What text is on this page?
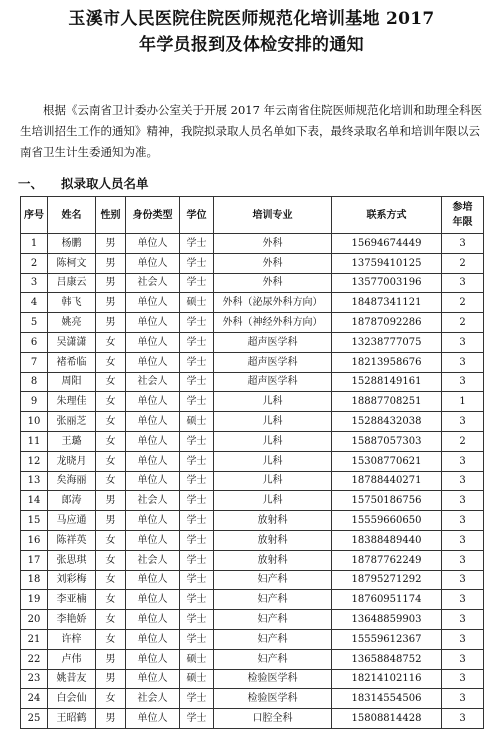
玉溪市人民医院住院医师规范化培训基地 2017
年学员报到及体检安排的通知
根据《云南省卫计委办公室关于开展 2017 年云南省住院医师规范化培训和助理全科医生培训招生工作的通知》精神，我院拟录取人员名单如下表，最终录取名单和培训年限以云南省卫生计生委通知为准。
一、 拟录取人员名单
序号	姓名	性别	身份类型	学位	培训专业	联系方式	参培年限
1	杨鹏	男	单位人	学士	外科	15694674449	3
2	陈柯文	男	单位人	学士	外科	13759410125	2
3	吕康云	男	社会人	学士	外科	13577003196	3
4	韩飞	男	单位人	硕士	外科（泌尿外科方向）	18487341121	2
5	姚亮	男	单位人	学士	外科（神经外科方向）	18787092286	2
6	吴潇潇	女	单位人	学士	超声医学科	13238777075	3
7	褚希临	女	单位人	学士	超声医学科	18213958676	3
8	周阳	女	社会人	学士	超声医学科	15288149161	3
9	朱理佳	女	单位人	学士	儿科	18887708251	1
10	张丽芝	女	单位人	硕士	儿科	15288432038	3
11	王璐	女	单位人	学士	儿科	15887057303	2
12	龙晓月	女	单位人	学士	儿科	15308770621	3
13	矣海丽	女	单位人	学士	儿科	18788440271	3
14	郎涛	男	社会人	学士	儿科	15750186756	3
15	马应通	男	单位人	学士	放射科	15559660650	3
16	陈祥英	女	单位人	学士	放射科	18388489440	3
17	张思琪	女	社会人	学士	放射科	18787762249	3
18	刘彩梅	女	单位人	学士	妇产科	18795271292	3
19	李亚楠	女	单位人	学士	妇产科	18760951174	3
20	李艳娇	女	单位人	学士	妇产科	13648859903	3
21	许梓	女	单位人	学士	妇产科	15559612367	3
22	卢伟	男	单位人	硕士	妇产科	13658848752	3
23	姚昔友	男	单位人	硕士	检验医学科	18214102116	3
24	白会仙	女	社会人	学士	检验医学科	18314554506	3
25	王昭鹤	男	单位人	学士	口腔全科	15808814428	3
